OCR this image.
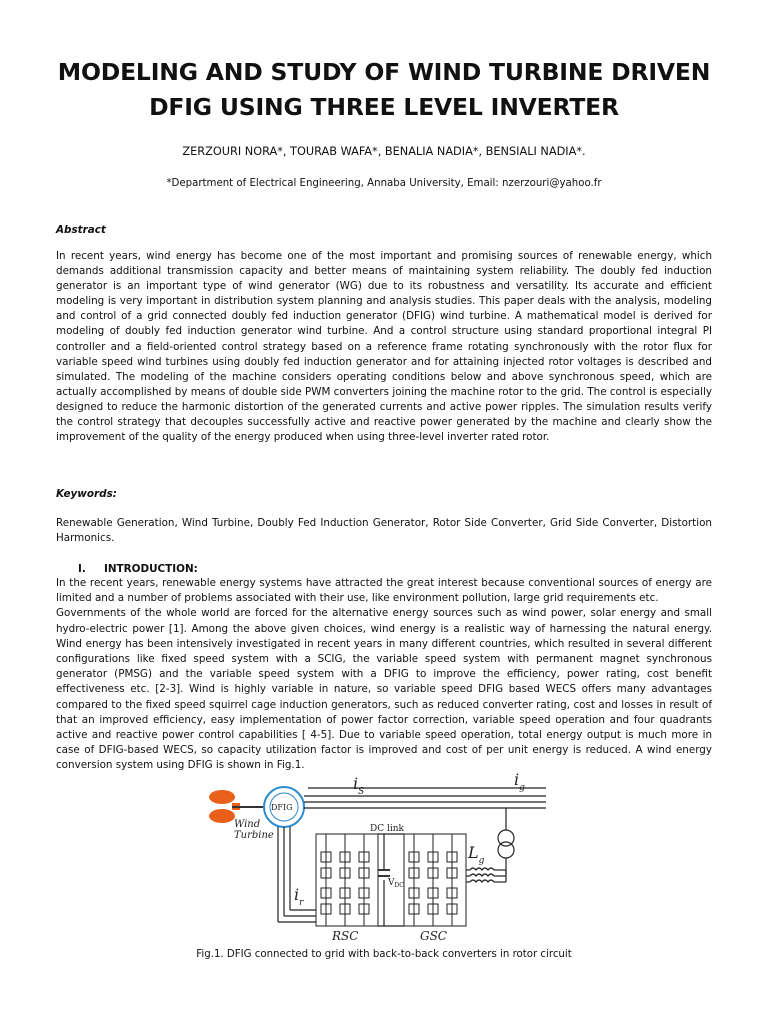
MODELING AND STUDY OF WIND TURBINE DRIVEN DFIG USING THREE LEVEL INVERTER
ZERZOURI NORA*, TOURAB WAFA*, BENALIA NADIA*, BENSIALI NADIA*.
*Department of Electrical Engineering, Annaba University, Email: nzerzouri@yahoo.fr
Abstract
In recent years, wind energy has become one of the most important and promising sources of renewable energy, which demands additional transmission capacity and better means of maintaining system reliability. The doubly fed induction generator is an important type of wind generator (WG) due to its robustness and versatility. Its accurate and efficient modeling is very important in distribution system planning and analysis studies. This paper deals with the analysis, modeling and control of a grid connected doubly fed induction generator (DFIG) wind turbine. A mathematical model is derived for modeling of doubly fed induction generator wind turbine. And a control structure using standard proportional integral PI controller and a field-oriented control strategy based on a reference frame rotating synchronously with the rotor flux for variable speed wind turbines using doubly fed induction generator and for attaining injected rotor voltages is described and simulated. The modeling of the machine considers operating conditions below and above synchronous speed, which are actually accomplished by means of double side PWM converters joining the machine rotor to the grid. The control is especially designed to reduce the harmonic distortion of the generated currents and active power ripples. The simulation results verify the control strategy that decouples successfully active and reactive power generated by the machine and clearly show the improvement of the quality of the energy produced when using three-level inverter rated rotor.
Keywords:
Renewable Generation, Wind Turbine, Doubly Fed Induction Generator, Rotor Side Converter, Grid Side Converter, Distortion Harmonics.
I. INTRODUCTION:
In the recent years, renewable energy systems have attracted the great interest because conventional sources of energy are limited and a number of problems associated with their use, like environment pollution, large grid requirements etc.
Governments of the whole world are forced for the alternative energy sources such as wind power, solar energy and small hydro-electric power [1]. Among the above given choices, wind energy is a realistic way of harnessing the natural energy. Wind energy has been intensively investigated in recent years in many different countries, which resulted in several different configurations like fixed speed system with a SCIG, the variable speed system with permanent magnet synchronous generator (PMSG) and the variable speed system with a DFIG to improve the efficiency, power rating, cost benefit effectiveness etc. [2-3]. Wind is highly variable in nature, so variable speed DFIG based WECS offers many advantages compared to the fixed speed squirrel cage induction generators, such as reduced converter rating, cost and losses in result of that an improved efficiency, easy implementation of power factor correction, variable speed operation and four quadrants active and reactive power control capabilities [ 4-5]. Due to variable speed operation, total energy output is much more in case of DFIG-based WECS, so capacity utilization factor is improved and cost of per unit energy is reduced. A wind energy conversion system using DFIG is shown in Fig.1.
Wind
Turbine
DFIG
$i_S$
$i_g$
$i_r$
DC link
$V_{DC}$
$L_g$
RSC	GSC
Fig.1. DFIG connected to grid with back-to-back converters in rotor circuit
